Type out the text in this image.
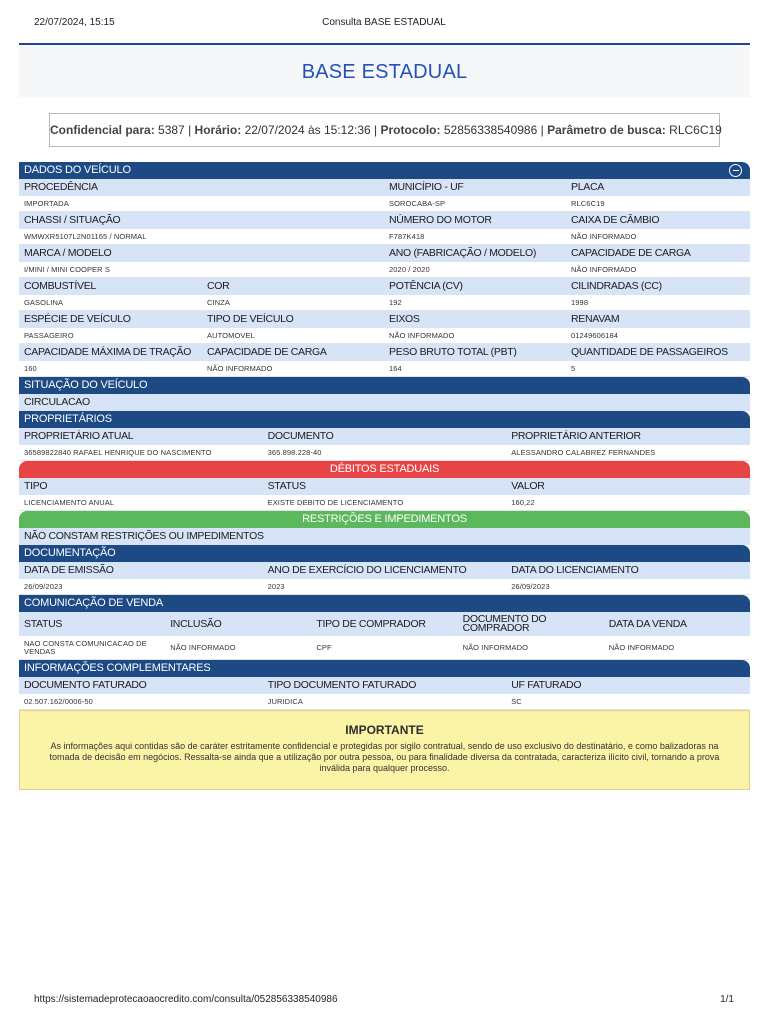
22/07/2024, 15:15	Consulta BASE ESTADUAL
BASE ESTADUAL
Confidencial para: 5387 | Horário: 22/07/2024 às 15:12:36 | Protocolo: 52856338540986 | Parâmetro de busca: RLC6C19
DADOS DO VEÍCULO
PROCEDÊNCIA	MUNICÍPIO - UF	PLACA
IMPORTADA	SOROCABA-SP	RLC6C19
CHASSI / SITUAÇÃO	NÚMERO DO MOTOR	CAIXA DE CÂMBIO
WMWXR5107L2N01165 / NORMAL	F787K418	NÃO INFORMADO
MARCA / MODELO	ANO (FABRICAÇÃO / MODELO)	CAPACIDADE DE CARGA
I/MINI / MINI COOPER S	2020 / 2020	NÃO INFORMADO
COMBUSTÍVEL	COR	POTÊNCIA (CV)	CILINDRADAS (CC)
GASOLINA	CINZA	192	1998
ESPÉCIE DE VEÍCULO	TIPO DE VEÍCULO	EIXOS	RENAVAM
PASSAGEIRO	AUTOMOVEL	NÃO INFORMADO	01249606184
CAPACIDADE MÁXIMA DE TRAÇÃO	CAPACIDADE DE CARGA	PESO BRUTO TOTAL (PBT)	QUANTIDADE DE PASSAGEIROS
160	NÃO INFORMADO	164	5
SITUAÇÃO DO VEÍCULO
CIRCULACAO
PROPRIETÁRIOS
PROPRIETÁRIO ATUAL	DOCUMENTO	PROPRIETÁRIO ANTERIOR
36589822840 RAFAEL HENRIQUE DO NASCIMENTO	365.898.228-40	ALESSANDRO CALABREZ FERNANDES
DÉBITOS ESTADUAIS
TIPO	STATUS	VALOR
LICENCIAMENTO ANUAL	EXISTE DEBITO DE LICENCIAMENTO	160,22
RESTRIÇÕES E IMPEDIMENTOS
NÃO CONSTAM RESTRIÇÕES OU IMPEDIMENTOS
DOCUMENTAÇÃO
DATA DE EMISSÃO	ANO DE EXERCÍCIO DO LICENCIAMENTO	DATA DO LICENCIAMENTO
26/09/2023	2023	26/09/2023
COMUNICAÇÃO DE VENDA
STATUS	INCLUSÃO	TIPO DE COMPRADOR	DOCUMENTO DO COMPRADOR	DATA DA VENDA
NAO CONSTA COMUNICACAO DE VENDAS	NÃO INFORMADO	CPF	NÃO INFORMADO	NÃO INFORMADO
INFORMAÇÕES COMPLEMENTARES
DOCUMENTO FATURADO	TIPO DOCUMENTO FATURADO	UF FATURADO
02.507.162/0006-50	JURIDICA	SC
IMPORTANTE

As informações aqui contidas são de caráter estritamente confidencial e protegidas por sigilo contratual, sendo de uso exclusivo do destinatário, e como balizadoras na tomada de decisão em negócios. Ressalta-se ainda que a utilização por outra pessoa, ou para finalidade diversa da contratada, caracteriza ilícito civil, tornando a prova inválida para qualquer processo.

https://sistemadeprotecaoaocredito.com/consulta/052856338540986	1/1
